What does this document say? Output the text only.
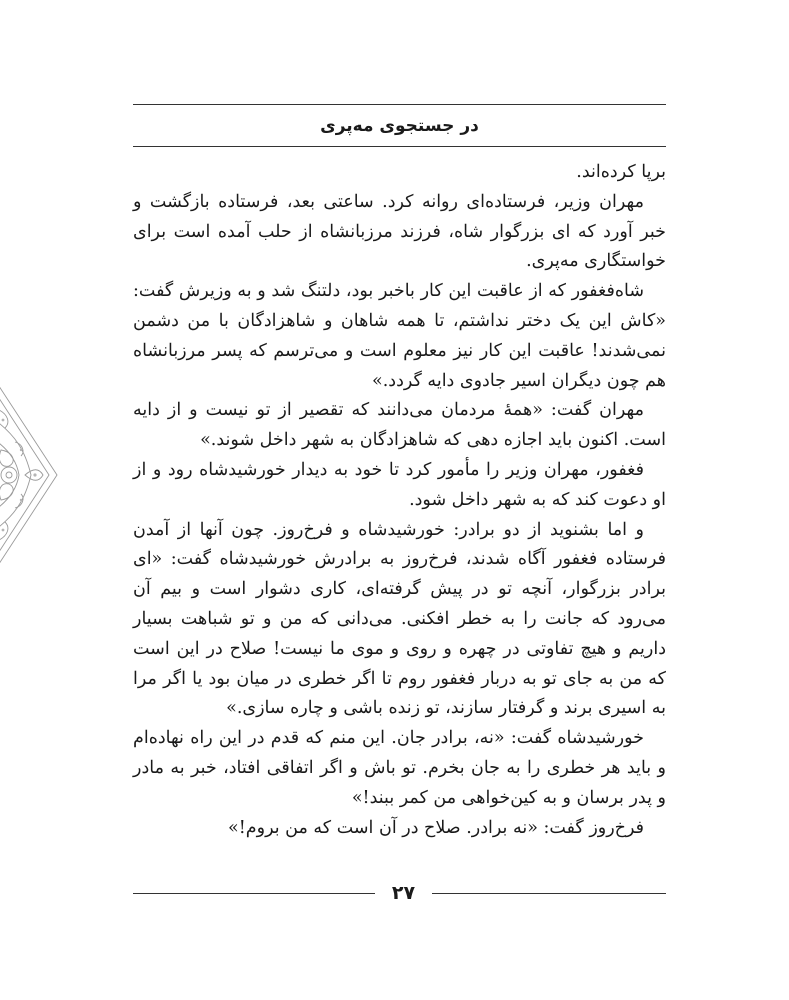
در جستجوی مه‌پری

برپا کرده‌اند.

مهران وزیر، فرستاده‌ای روانه کرد. ساعتی بعد، فرستاده بازگشت و خبر آورد که ای بزرگوار شاه، فرزند مرزبانشاه از حلب آمده است برای خواستگاری مه‌پری.

شاه‌فغفور که از عاقبت این کار باخبر بود، دلتنگ شد و به وزیرش گفت: «کاش این یک دختر نداشتم، تا همه شاهان و شاهزادگان با من دشمن نمی‌شدند! عاقبت این کار نیز معلوم است و می‌ترسم که پسر مرزبانشاه هم چون دیگران اسیر جادوی دایه گردد.»

مهران گفت: «همهٔ مردمان می‌دانند که تقصیر از تو نیست و از دایه است. اکنون باید اجازه دهی که شاهزادگان به شهر داخل شوند.»

فغفور، مهران وزیر را مأمور کرد تا خود به دیدار خورشیدشاه رود و از او دعوت کند که به شهر داخل شود.

و اما بشنوید از دو برادر: خورشیدشاه و فرخ‌روز. چون آنها از آمدن فرستاده فغفور آگاه شدند، فرخ‌روز به برادرش خورشیدشاه گفت: «ای برادر بزرگوار، آنچه تو در پیش گرفته‌ای، کاری دشوار است و بیم آن می‌رود که جانت را به خطر افکنی. می‌دانی که من و تو شباهت بسیار داریم و هیچ تفاوتی در چهره و روی و موی ما نیست! صلاح در این است که من به جای تو به دربار فغفور روم تا اگر خطری در میان بود یا اگر مرا به اسیری برند و گرفتار سازند، تو زنده باشی و چاره سازی.»

خورشیدشاه گفت: «نه، برادر جان. این منم که قدم در این راه نهاده‌ام و باید هر خطری را به جان بخرم. تو باش و اگر اتفاقی افتاد، خبر به مادر و پدر برسان و به کین‌خواهی من کمر ببند!»

فرخ‌روز گفت: «نه برادر. صلاح در آن است که من بروم!»

۲۷
